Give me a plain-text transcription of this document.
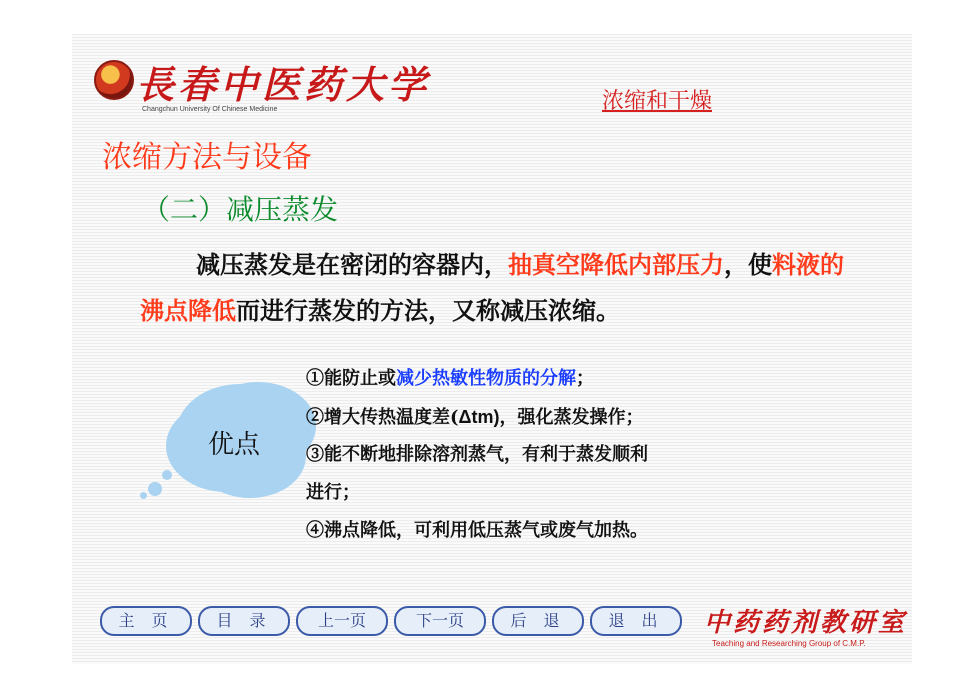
長春中医药大学
Changchun University Of Chinese Medicine	浓缩和干燥
浓缩方法与设备
（二）减压蒸发
减压蒸发是在密闭的容器内，抽真空降低内部压力，使料液的沸点降低而进行蒸发的方法，又称减压浓缩。
优点
①能防止或减少热敏性物质的分解；
②增大传热温度差(Δtm)，强化蒸发操作；
③能不断地排除溶剂蒸气，有利于蒸发顺利
进行；
④沸点降低，可利用低压蒸气或废气加热。
主 页	目 录	上一页	下一页	后 退	退 出	中药药剂教研室
Teaching and Researching Group of C.M.P.
